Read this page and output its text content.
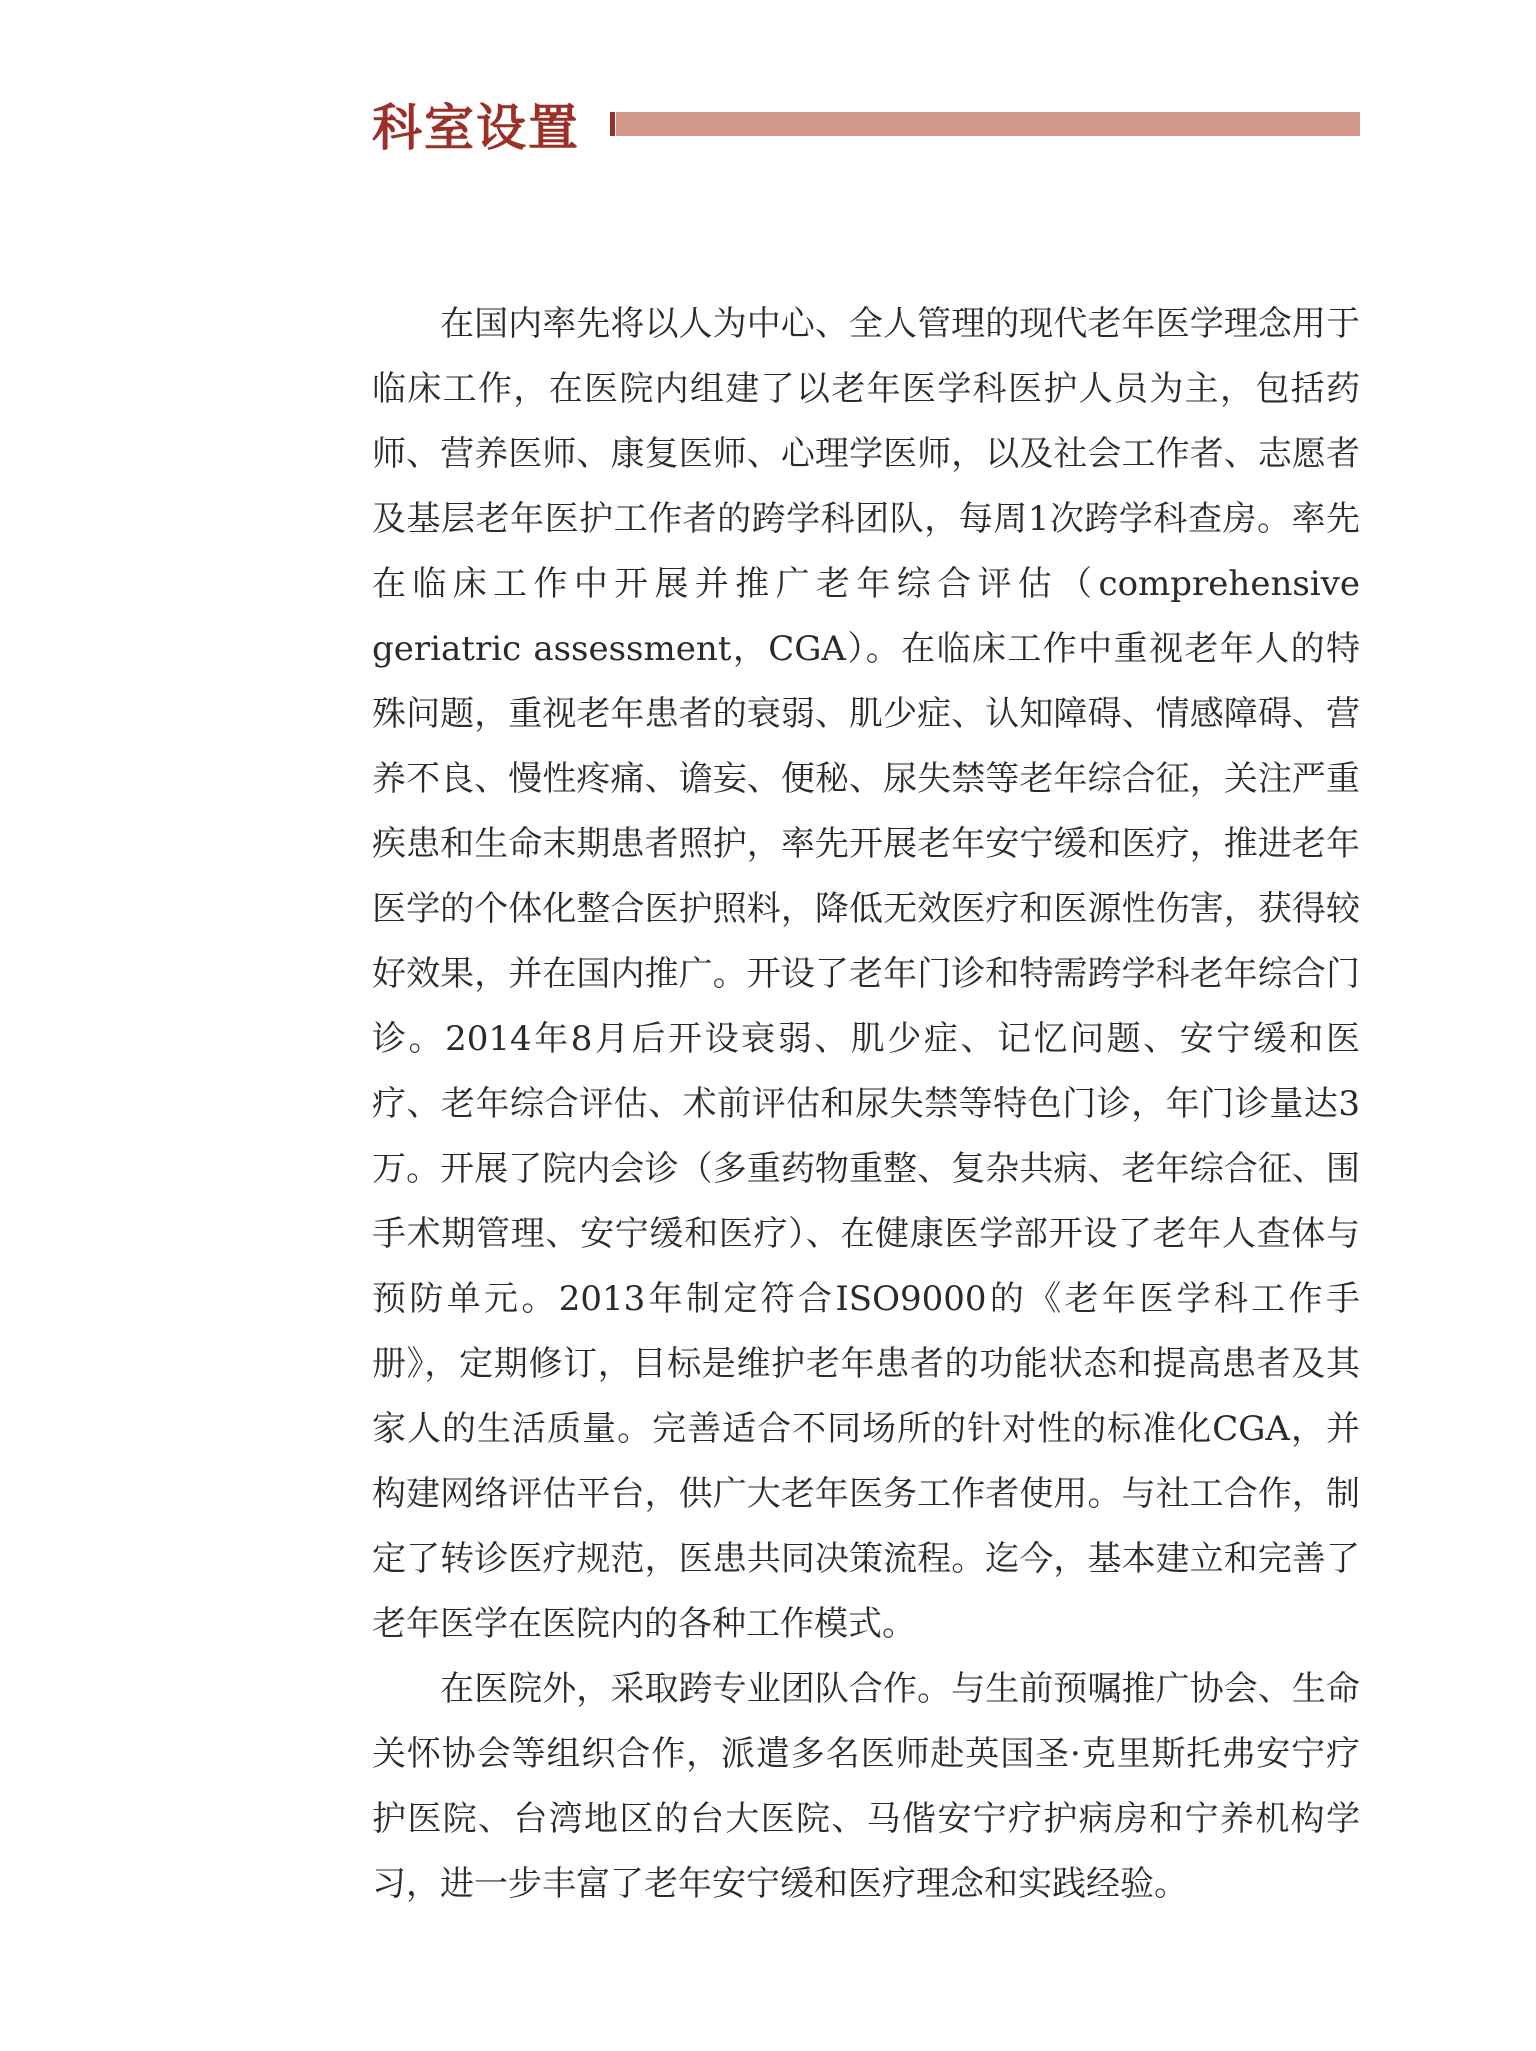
科室设置

在国内率先将以人为中心、全人管理的现代老年医学理念用于临床工作，在医院内组建了以老年医学科医护人员为主，包括药师、营养医师、康复医师、心理学医师，以及社会工作者、志愿者及基层老年医护工作者的跨学科团队，每周1次跨学科查房。率先在临床工作中开展并推广老年综合评估（comprehensive geriatric assessment，CGA）。在临床工作中重视老年人的特殊问题，重视老年患者的衰弱、肌少症、认知障碍、情感障碍、营养不良、慢性疼痛、谵妄、便秘、尿失禁等老年综合征，关注严重疾患和生命末期患者照护，率先开展老年安宁缓和医疗，推进老年医学的个体化整合医护照料，降低无效医疗和医源性伤害，获得较好效果，并在国内推广。开设了老年门诊和特需跨学科老年综合门诊。2014年8月后开设衰弱、肌少症、记忆问题、安宁缓和医疗、老年综合评估、术前评估和尿失禁等特色门诊，年门诊量达3万。开展了院内会诊（多重药物重整、复杂共病、老年综合征、围手术期管理、安宁缓和医疗）、在健康医学部开设了老年人查体与预防单元。2013年制定符合ISO9000的《老年医学科工作手册》，定期修订，目标是维护老年患者的功能状态和提高患者及其家人的生活质量。完善适合不同场所的针对性的标准化CGA，并构建网络评估平台，供广大老年医务工作者使用。与社工合作，制定了转诊医疗规范，医患共同决策流程。迄今，基本建立和完善了老年医学在医院内的各种工作模式。

在医院外，采取跨专业团队合作。与生前预嘱推广协会、生命关怀协会等组织合作，派遣多名医师赴英国圣·克里斯托弗安宁疗护医院、台湾地区的台大医院、马偕安宁疗护病房和宁养机构学习，进一步丰富了老年安宁缓和医疗理念和实践经验。
